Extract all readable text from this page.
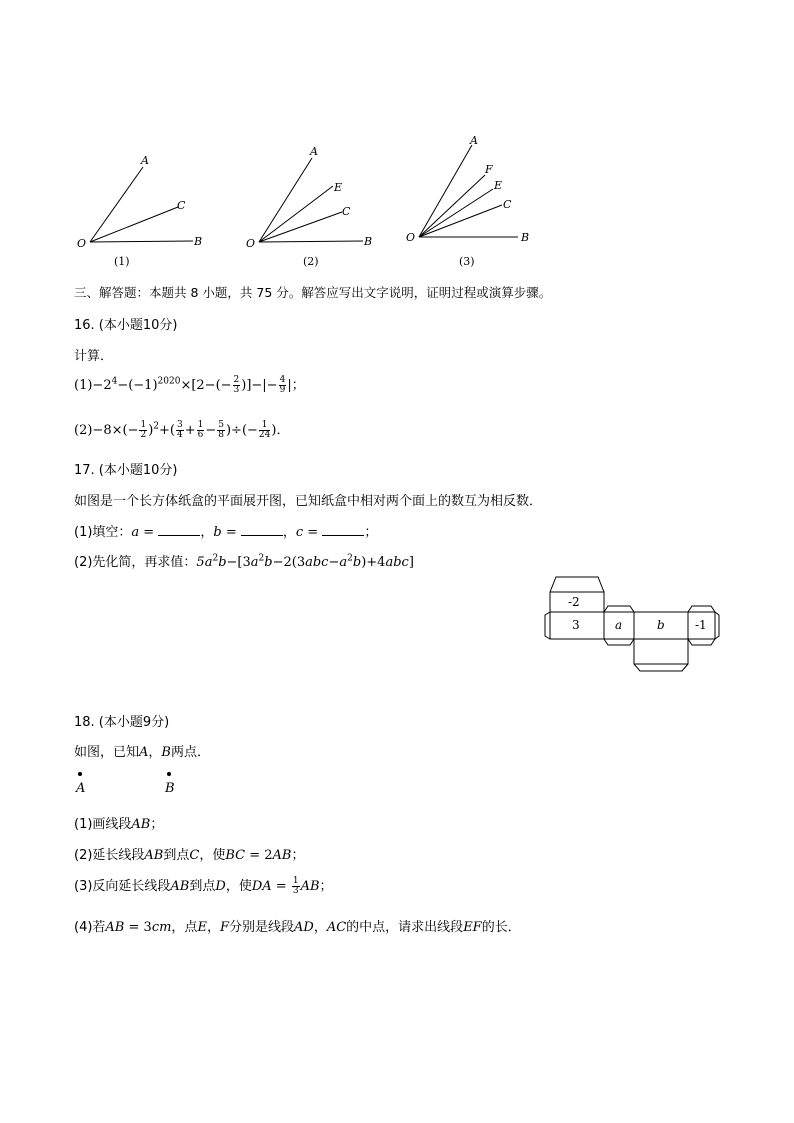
A
C
O	B
(1)
A
E
C
O	B
(2)
A
F
E
C
O	B
(3)
三、解答题：本题共 8 小题，共 75 分。解答应写出文字说明，证明过程或演算步骤。
16. (本小题10分)
计算．
$(1)-2^4-(-1)^{2020}\times[2-(- \frac{2}{3}$ )]−|− $\frac{4}{9}$ |；
$(2)-8\times(- \frac{1}{2} )^2+( \frac{3}{4} + \frac{1}{6} - \frac{5}{8}$ )÷(− $\frac{1}{24}$ )．
17. (本小题10分)
如图是一个长方体纸盒的平面展开图，已知纸盒中相对两个面上的数互为相反数．
(1)填空：a =	，b =	，c =	；
(2)先化简，再求值：$5a^2b-[3a^2b-2(3abc-a^2b)+4abc]$
-2
3	a	b	-1
18. (本小题9分)
如图，已知A，B两点．
A	B
(1)画线段AB；
(2)延长线段AB到点C，使BC = 2AB；
(3)反向延长线段AB到点D，使DA = $\frac{1}{3}$ AB；
(4)若AB = 3cm，点E，F分别是线段AD，AC的中点，请求出线段EF的长．
